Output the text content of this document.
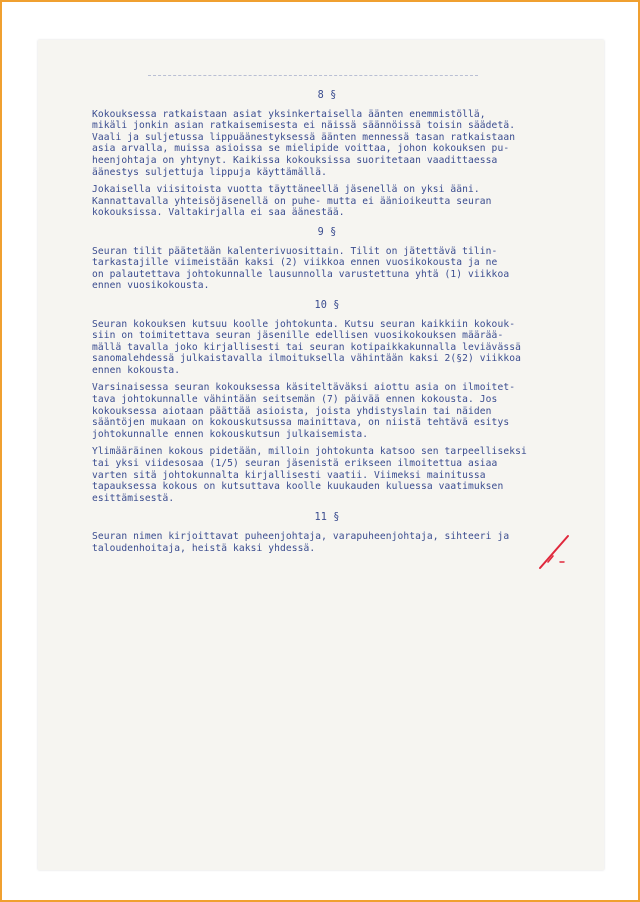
8 §

Kokouksessa ratkaistaan asiat yksinkertaisella äänten enemmistöllä,
mikäli jonkin asian ratkaisemisesta ei näissä säännöissä toisin säädetä.
Vaali ja suljetussa lippuäänestyksessä äänten mennessä tasan ratkaistaan
asia arvalla, muissa asioissa se mielipide voittaa, johon kokouksen pu-
heenjohtaja on yhtynyt. Kaikissa kokouksissa suoritetaan vaadittaessa
äänestys suljettuja lippuja käyttämällä.

Jokaisella viisitoista vuotta täyttäneellä jäsenellä on yksi ääni.
Kannattavalla yhteisöjäsenellä on puhe- mutta ei äänioikeutta seuran
kokouksissa. Valtakirjalla ei saa äänestää.

9 §

Seuran tilit päätetään kalenterivuosittain. Tilit on jätettävä tilin-
tarkastajille viimeistään kaksi (2) viikkoa ennen vuosikokousta ja ne
on palautettava johtokunnalle lausunnolla varustettuna yhtä (1) viikkoa
ennen vuosikokousta.

10 §

Seuran kokouksen kutsuu koolle johtokunta. Kutsu seuran kaikkiin kokouk-
siin on toimitettava seuran jäsenille edellisen vuosikokouksen määrää-
mällä tavalla joko kirjallisesti tai seuran kotipaikkakunnalla leviävässä
sanomalehdessä julkaistavalla ilmoituksella vähintään kaksi 2(§2) viikkoa
ennen kokousta.

Varsinaisessa seuran kokouksessa käsiteltäväksi aiottu asia on ilmoitet-
tava johtokunnalle vähintään seitsemän (7) päivää ennen kokousta. Jos
kokouksessa aiotaan päättää asioista, joista yhdistyslain tai näiden
sääntöjen mukaan on kokouskutsussa mainittava, on niistä tehtävä esitys
johtokunnalle ennen kokouskutsun julkaisemista.

Ylimääräinen kokous pidetään, milloin johtokunta katsoo sen tarpeelliseksi
tai yksi viidesosaa (1/5) seuran jäsenistä erikseen ilmoitettua asiaa
varten sitä johtokunnalta kirjallisesti vaatii. Viimeksi mainitussa
tapauksessa kokous on kutsuttava koolle kuukauden kuluessa vaatimuksen
esittämisestä.

11 §

Seuran nimen kirjoittavat puheenjohtaja, varapuheenjohtaja, sihteeri ja
taloudenhoitaja, heistä kaksi yhdessä.
